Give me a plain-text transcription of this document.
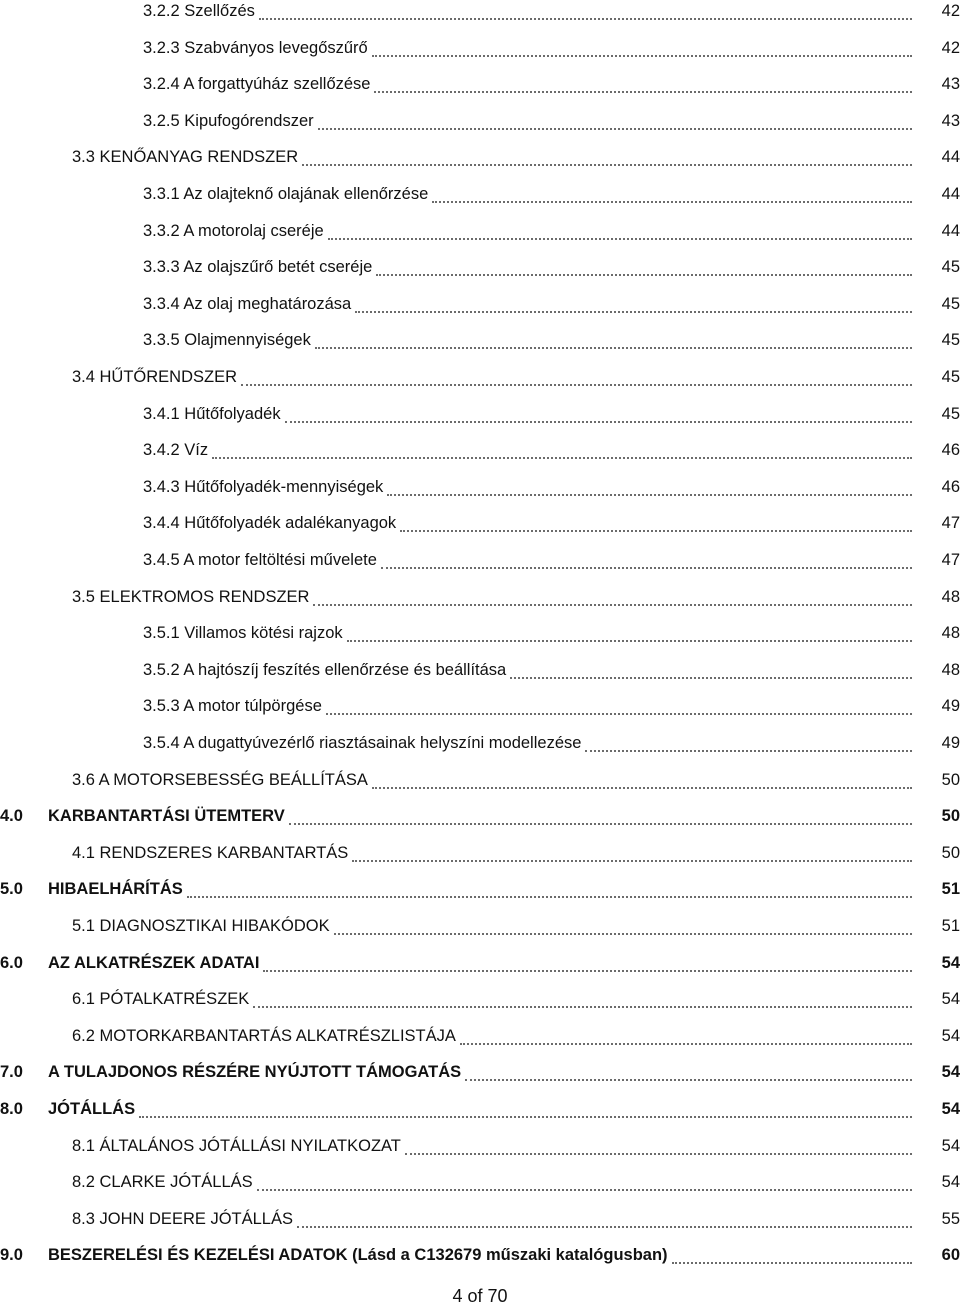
3.2.2 Szellőzés	42
3.2.3 Szabványos levegőszűrő	42
3.2.4 A forgattyúház szellőzése	43
3.2.5 Kipufogórendszer	43
3.3 KENŐANYAG RENDSZER	44
3.3.1 Az olajteknő olajának ellenőrzése	44
3.3.2 A motorolaj cseréje	44
3.3.3 Az olajszűrő betét cseréje	45
3.3.4 Az olaj meghatározása	45
3.3.5 Olajmennyiségek	45
3.4 HŰTŐRENDSZER	45
3.4.1 Hűtőfolyadék	45
3.4.2 Víz	46
3.4.3 Hűtőfolyadék-mennyiségek	46
3.4.4 Hűtőfolyadék adalékanyagok	47
3.4.5 A motor feltöltési művelete	47
3.5 ELEKTROMOS RENDSZER	48
3.5.1 Villamos kötési rajzok	48
3.5.2 A hajtószíj feszítés ellenőrzése és beállítása	48
3.5.3 A motor túlpörgése	49
3.5.4 A dugattyúvezérlő riasztásainak helyszíni modellezése	49
3.6 A MOTORSEBESSÉG BEÁLLÍTÁSA	50
4.0	KARBANTARTÁSI ÜTEMTERV	50
4.1 RENDSZERES KARBANTARTÁS	50
5.0	HIBAELHÁRÍTÁS	51
5.1 DIAGNOSZTIKAI HIBAKÓDOK	51
6.0	AZ ALKATRÉSZEK ADATAI	54
6.1 PÓTALKATRÉSZEK	54
6.2 MOTORKARBANTARTÁS ALKATRÉSZLISTÁJA	54
7.0	A TULAJDONOS RÉSZÉRE NYÚJTOTT TÁMOGATÁS	54
8.0	JÓTÁLLÁS	54
8.1 ÁLTALÁNOS JÓTÁLLÁSI NYILATKOZAT	54
8.2 CLARKE JÓTÁLLÁS	54
8.3 JOHN DEERE JÓTÁLLÁS	55
9.0	BESZERELÉSI ÉS KEZELÉSI ADATOK (Lásd a C132679 műszaki katalógusban)	60
4 of 70
